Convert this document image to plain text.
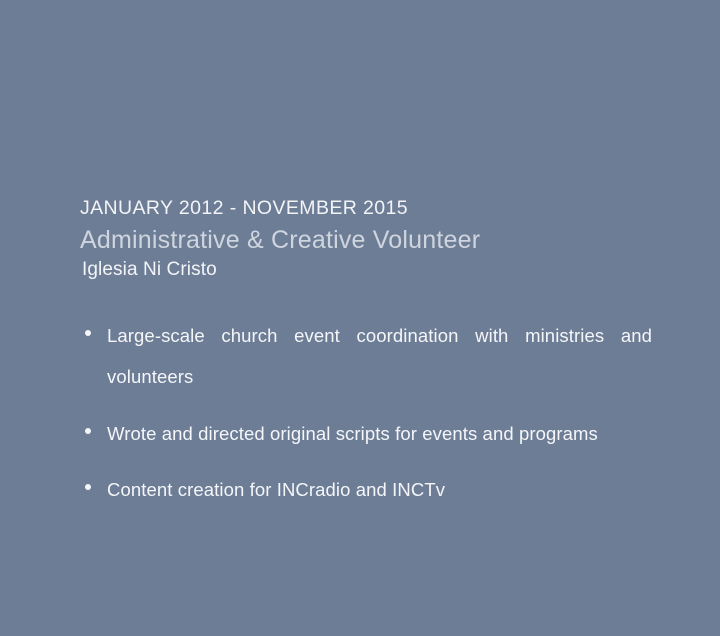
JANUARY 2012 - NOVEMBER 2015

Administrative & Creative Volunteer

Iglesia Ni Cristo

Large-scale church event coordination with ministries and volunteers
Wrote and directed original scripts for events and programs
Content creation for INCradio and INCTv
